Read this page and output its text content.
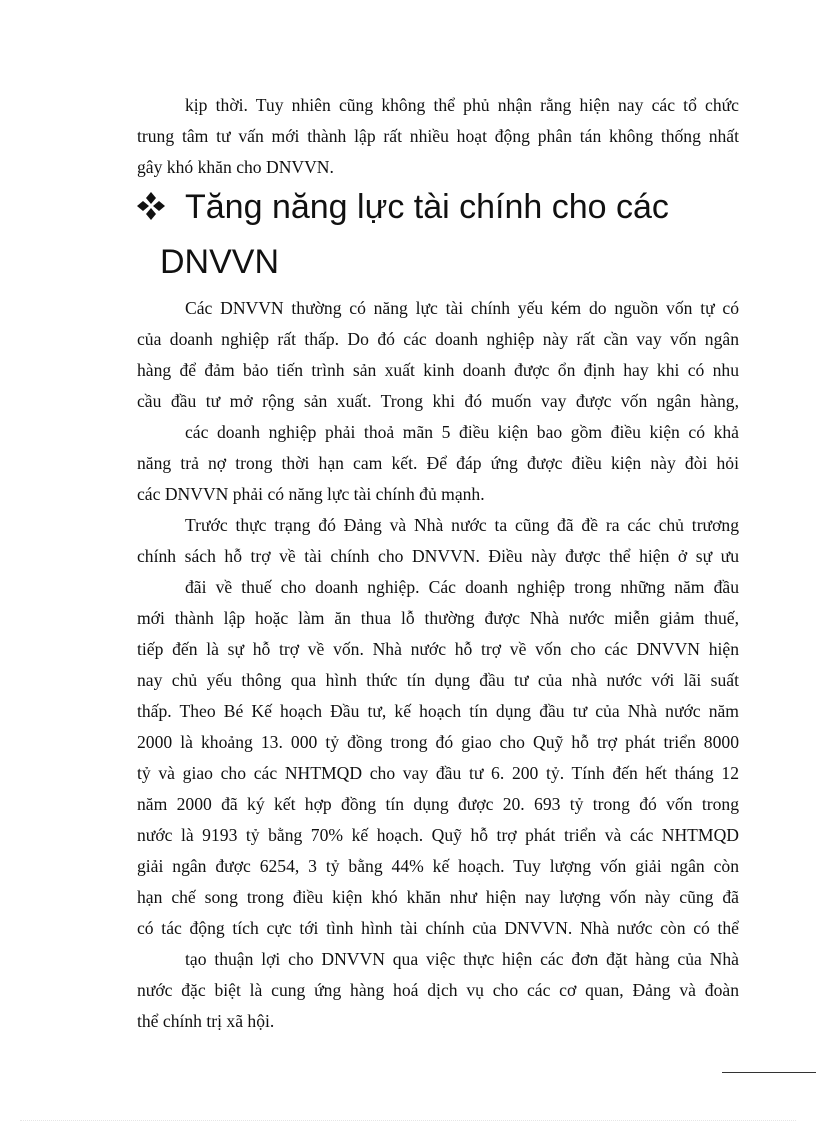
kịp thời. Tuy nhiên cũng không thể phủ nhận rằng hiện nay các tổ chức
trung tâm tư vấn mới thành lập rất nhiều hoạt động phân tán không thống nhất
gây khó khăn cho DNVVN.
Tăng năng lực tài chính cho các
DNVVN
Các DNVVN thường có năng lực tài chính yếu kém do nguồn vốn tự có
của doanh nghiệp rất thấp. Do đó các doanh nghiệp này rất cần vay vốn ngân
hàng để đảm bảo tiến trình sản xuất kinh doanh được ổn định hay khi có nhu
cầu đầu tư mở rộng sản xuất. Trong khi đó muốn vay được vốn ngân hàng,
các doanh nghiệp phải thoả mãn 5 điều kiện bao gồm điều kiện có khả
năng trả nợ trong thời hạn cam kết. Để đáp ứng được điều kiện này đòi hỏi
các DNVVN phải có năng lực tài chính đủ mạnh.
Trước thực trạng đó Đảng và Nhà nước ta cũng đã đề ra các chủ trương
chính sách hỗ trợ về tài chính cho DNVVN. Điều này được thể hiện ở sự ưu
đãi về thuế cho doanh nghiệp. Các doanh nghiệp trong những năm đầu
mới thành lập hoặc làm ăn thua lỗ thường được Nhà nước miễn giảm thuế,
tiếp đến là sự hỗ trợ về vốn. Nhà nước hỗ trợ về vốn cho các DNVVN hiện
nay chủ yếu thông qua hình thức tín dụng đầu tư của nhà nước với lãi suất
thấp. Theo Bé Kế hoạch Đầu tư, kế hoạch tín dụng đầu tư của Nhà nước năm
2000 là khoảng 13. 000 tỷ đồng trong đó giao cho Quỹ hỗ trợ phát triển 8000
tỷ và giao cho các NHTMQD cho vay đầu tư 6. 200 tỷ. Tính đến hết tháng 12
năm 2000 đã ký kết hợp đồng tín dụng được 20. 693 tỷ trong đó vốn trong
nước là 9193 tỷ bằng 70% kế hoạch. Quỹ hỗ trợ phát triển và các NHTMQD
giải ngân được 6254, 3 tỷ bằng 44% kế hoạch. Tuy lượng vốn giải ngân còn
hạn chế song trong điều kiện khó khăn như hiện nay lượng vốn này cũng đã
có tác động tích cực tới tình hình tài chính của DNVVN. Nhà nước còn có thể
tạo thuận lợi cho DNVVN qua việc thực hiện các đơn đặt hàng của Nhà
nước đặc biệt là cung ứng hàng hoá dịch vụ cho các cơ quan, Đảng và đoàn
thể chính trị xã hội.
